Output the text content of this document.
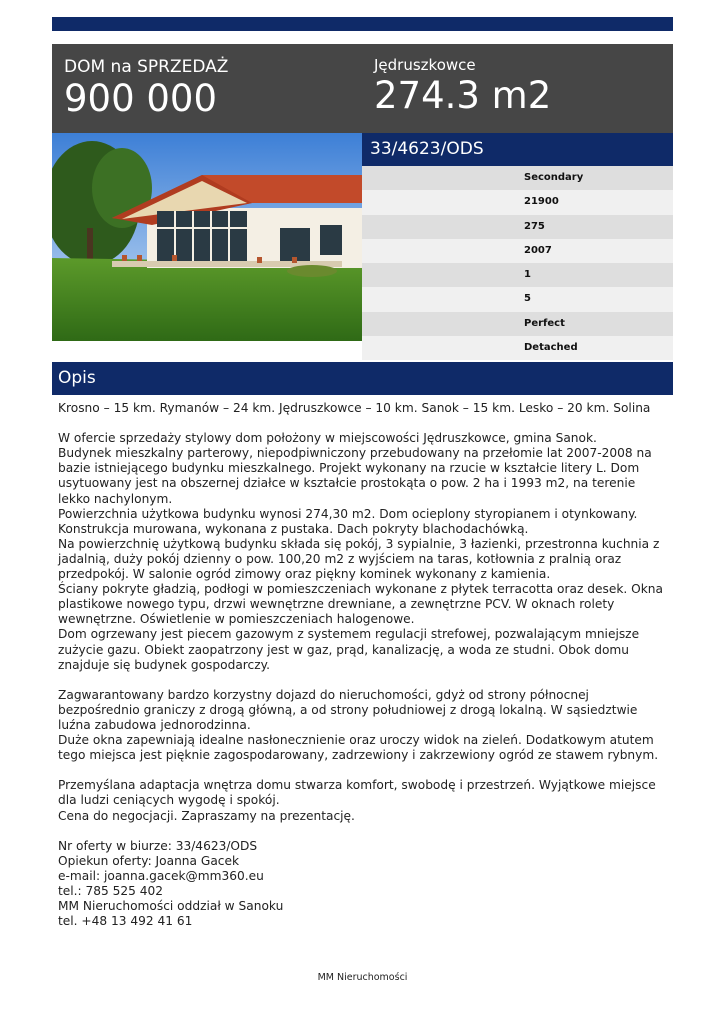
DOM na SPRZEDAŻ
900 000
Jędruszkowce
274.3 m2
33/4623/ODS
Secondary
21900
275
2007
1
5
Perfect
Detached
Opis

Krosno – 15 km. Rymanów – 24 km. Jędruszkowce – 10 km. Sanok – 15 km. Lesko – 20 km. Solina

W ofercie sprzedaży stylowy dom położony w miejscowości Jędruszkowce, gmina Sanok.

Budynek mieszkalny parterowy, niepodpiwniczony przebudowany na przełomie lat 2007-2008 na bazie istniejącego budynku mieszkalnego. Projekt wykonany na rzucie w kształcie litery L. Dom usytuowany jest na obszernej działce w kształcie prostokąta o pow. 2 ha i 1993 m2, na terenie lekko nachylonym.

Powierzchnia użytkowa budynku wynosi 274,30 m2. Dom ocieplony styropianem i otynkowany. Konstrukcja murowana, wykonana z pustaka. Dach pokryty blachodachówką.

Na powierzchnię użytkową budynku składa się pokój, 3 sypialnie, 3 łazienki, przestronna kuchnia z jadalnią, duży pokój dzienny o pow. 100,20 m2 z wyjściem na taras, kotłownia z pralnią oraz przedpokój. W salonie ogród zimowy oraz piękny kominek wykonany z kamienia.

Ściany pokryte gładzią, podłogi w pomieszczeniach wykonane z płytek terracotta oraz desek. Okna plastikowe nowego typu, drzwi wewnętrzne drewniane, a zewnętrzne PCV. W oknach rolety wewnętrzne. Oświetlenie w pomieszczeniach halogenowe.

Dom ogrzewany jest piecem gazowym z systemem regulacji strefowej, pozwalającym mniejsze zużycie gazu. Obiekt zaopatrzony jest w gaz, prąd, kanalizację, a woda ze studni. Obok domu znajduje się budynek gospodarczy.

Zagwarantowany bardzo korzystny dojazd do nieruchomości, gdyż od strony północnej bezpośrednio graniczy z drogą główną, a od strony południowej z drogą lokalną. W sąsiedztwie luźna zabudowa jednorodzinna.

Duże okna zapewniają idealne nasłonecznienie oraz uroczy widok na zieleń. Dodatkowym atutem tego miejsca jest pięknie zagospodarowany, zadrzewiony i zakrzewiony ogród ze stawem rybnym.

Przemyślana adaptacja wnętrza domu stwarza komfort, swobodę i przestrzeń. Wyjątkowe miejsce dla ludzi ceniących wygodę i spokój.

Cena do negocjacji. Zapraszamy na prezentację.

Nr oferty w biurze: 33/4623/ODS

Opiekun oferty: Joanna Gacek

e-mail: joanna.gacek@mm360.eu

tel.: 785 525 402

MM Nieruchomości oddział w Sanoku

tel. +48 13 492 41 61

MM Nieruchomości
